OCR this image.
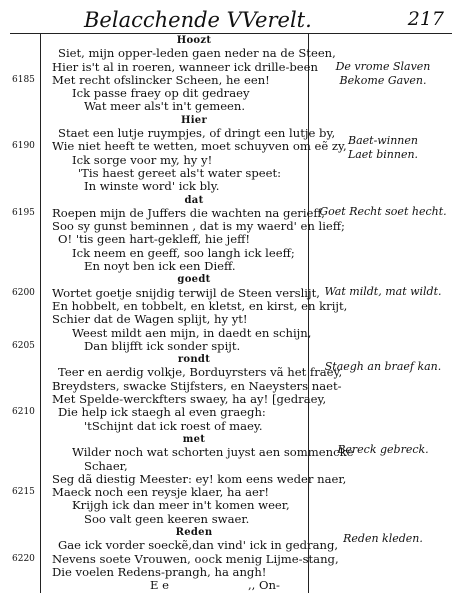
Belacchende VVerelt.	217
Hoozt
Siet, mijn opper-leden gaen neder na de Steen,
Hier is't al in roeren, wanneer ick drille-been
6185 Met recht ofslincker Scheen, he een!
Ick passe fraey op dit gedraey
Wat meer als't in't gemeen.
Hier
Staet een lutje ruympjes, of dringt een lutje by,
6190 Wie niet heeft te wetten, moet schuyven om eẽ zy,
Ick sorge voor my, hy y!
'Tis haest gereet als't water speet:
In winste word' ick bly.
dat
6195 Roepen mijn de Juffers die wachten na gerieff,
Soo sy gunst beminnen , dat is my waerd' en lieff;
O! 'tis geen hart-gekleff, hie jeff!
Ick neem en geeff, soo langh ick leeff;
En noyt ben ick een Dieff.
goedt
6200 Wortet goetje snijdig terwijl de Steen verslijt,
En hobbelt, en tobbelt, en kletst, en kirst, en krijt,
Schier dat de Wagen splijt, hy yt!
Weest mildt aen mijn, in daedt en schijn,
6205	Dan blijfft ick sonder spijt.
rondt
Teer en aerdig volkje, Borduyrsters vã het fraey,
Breydsters, swacke Stijfsters, en Naeysters naet-
Met Spelde-werckfters swaey, ha ay! [gedraey,
6210 Die help ick staegh al even graegh:
'tSchijnt dat ick roest of maey.
met
Wilder noch wat schorten juyst aen sommencke
Schaer,
Seg dã diestig Meester: ey! kom eens weder naer,
6215 Maeck noch een reysje klaer, ha aer!
Krijgh ick dan meer in't komen weer,
Soo valt geen keeren swaer.
Reden
Gae ick vorder soeckẽ,dan vind' ick in gedrang,
6220 Nevens soete Vrouwen, oock menig Lijme-stang,
Die voelen Redens-prangh, ha angh!
E e	,, On-
De vrome Slaven
Bekome Gaven.
Baet-winnen
Laet binnen.
Goet Recht soet hecht.
Wat mildt, mat wildt.
Staegh an braef kan.
Bereck gebreck.
Reden kleden.
